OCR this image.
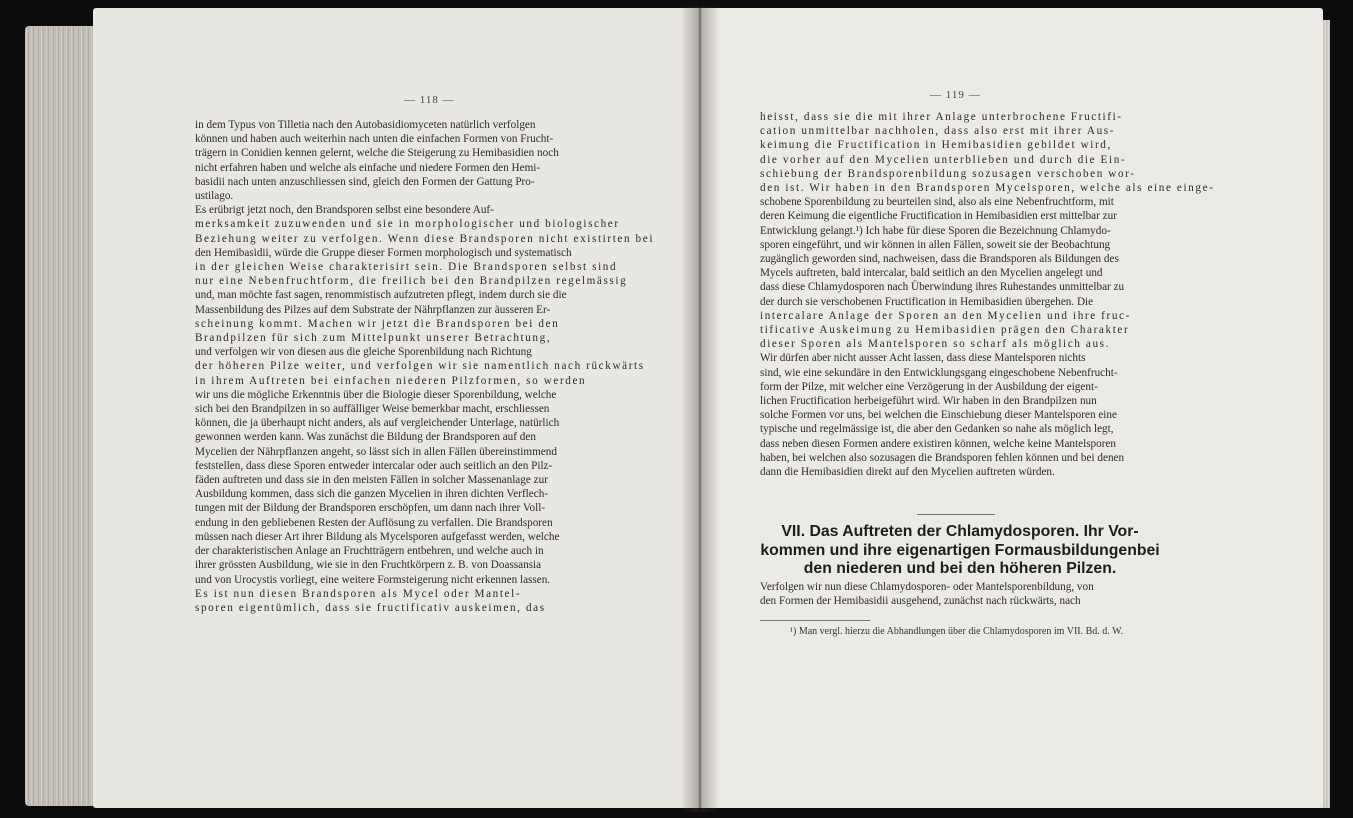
— 118 —	— 119 —
in dem Typus von Tilletia nach den Autobasidiomyceten natürlich verfolgen
können und haben auch weiterhin nach unten die einfachen Formen von Frucht-
trägern in Conidien kennen gelernt, welche die Steigerung zu Hemibasidien noch
nicht erfahren haben und welche als einfache und niedere Formen den Hemi-
basidii nach unten anzuschliessen sind, gleich den Formen der Gattung Pro-
ustilago.
Es erübrigt jetzt noch, den Brandsporen selbst eine besondere Auf-
merksamkeit zuzuwenden und sie in morphologischer und biologischer
Beziehung weiter zu verfolgen. Wenn diese Brandsporen nicht existirten bei
den Hemibasidii, würde die Gruppe dieser Formen morphologisch und systematisch
in der gleichen Weise charakterisirt sein. Die Brandsporen selbst sind
nur eine Nebenfruchtform, die freilich bei den Brandpilzen regelmässig
und, man möchte fast sagen, renommistisch aufzutreten pflegt, indem durch sie die
Massenbildung des Pilzes auf dem Substrate der Nährpflanzen zur äusseren Er-
scheinung kommt. Machen wir jetzt die Brandsporen bei den
Brandpilzen für sich zum Mittelpunkt unserer Betrachtung,
und verfolgen wir von diesen aus die gleiche Sporenbildung nach Richtung
der höheren Pilze weiter, und verfolgen wir sie namentlich nach rückwärts
in ihrem Auftreten bei einfachen niederen Pilzformen, so werden
wir uns die mögliche Erkenntnis über die Biologie dieser Sporenbildung, welche
sich bei den Brandpilzen in so auffälliger Weise bemerkbar macht, erschliessen
können, die ja überhaupt nicht anders, als auf vergleichender Unterlage, natürlich
gewonnen werden kann. Was zunächst die Bildung der Brandsporen auf den
Mycelien der Nährpflanzen angeht, so lässt sich in allen Fällen übereinstimmend
feststellen, dass diese Sporen entweder intercalar oder auch seitlich an den Pilz-
fäden auftreten und dass sie in den meisten Fällen in solcher Massenanlage zur
Ausbildung kommen, dass sich die ganzen Mycelien in ihren dichten Verflech-
tungen mit der Bildung der Brandsporen erschöpfen, um dann nach ihrer Voll-
endung in den gebliebenen Resten der Auflösung zu verfallen. Die Brandsporen
müssen nach dieser Art ihrer Bildung als Mycelsporen aufgefasst werden, welche
der charakteristischen Anlage an Fruchtträgern entbehren, und welche auch in
ihrer grössten Ausbildung, wie sie in den Fruchtkörpern z. B. von Doassansia
und von Urocystis vorliegt, eine weitere Formsteigerung nicht erkennen lassen.
Es ist nun diesen Brandsporen als Mycel oder Mantel-
sporen eigentümlich, dass sie fructificativ auskeimen, das
heisst, dass sie die mit ihrer Anlage unterbrochene Fructifi-
cation unmittelbar nachholen, dass also erst mit ihrer Aus-
keimung die Fructification in Hemibasidien gebildet wird,
die vorher auf den Mycelien unterblieben und durch die Ein-
schiebung der Brandsporenbildung sozusagen verschoben wor-
den ist. Wir haben in den Brandsporen Mycelsporen, welche als eine einge-
schobene Sporenbildung zu beurteilen sind, also als eine Nebenfruchtform, mit
deren Keimung die eigentliche Fructification in Hemibasidien erst mittelbar zur
Entwicklung gelangt.¹) Ich habe für diese Sporen die Bezeichnung Chlamydo-
sporen eingeführt, und wir können in allen Fällen, soweit sie der Beobachtung
zugänglich geworden sind, nachweisen, dass die Brandsporen als Bildungen des
Mycels auftreten, bald intercalar, bald seitlich an den Mycelien angelegt und
dass diese Chlamydosporen nach Überwindung ihres Ruhestandes unmittelbar zu
der durch sie verschobenen Fructification in Hemibasidien übergehen. Die
intercalare Anlage der Sporen an den Mycelien und ihre fruc-
tificative Auskeimung zu Hemibasidien prägen den Charakter
dieser Sporen als Mantelsporen so scharf als möglich aus.
Wir dürfen aber nicht ausser Acht lassen, dass diese Mantelsporen nichts
sind, wie eine sekundäre in den Entwicklungsgang eingeschobene Nebenfrucht-
form der Pilze, mit welcher eine Verzögerung in der Ausbildung der eigent-
lichen Fructification herbeigeführt wird. Wir haben in den Brandpilzen nun
solche Formen vor uns, bei welchen die Einschiebung dieser Mantelsporen eine
typische und regelmässige ist, die aber den Gedanken so nahe als möglich legt,
dass neben diesen Formen andere existiren können, welche keine Mantelsporen
haben, bei welchen also sozusagen die Brandsporen fehlen können und bei denen
dann die Hemibasidien direkt auf den Mycelien auftreten würden.
VII. Das Auftreten der Chlamydosporen. Ihr Vor-kommen und ihre eigenartigen Formausbildungenbei den niederen und bei den höheren Pilzen.
Verfolgen wir nun diese Chlamydosporen- oder Mantelsporenbildung, von
den Formen der Hemibasidii ausgehend, zunächst nach rückwärts, nach
¹) Man vergl. hierzu die Abhandlungen über die Chlamydosporen im VII. Bd. d. W.
